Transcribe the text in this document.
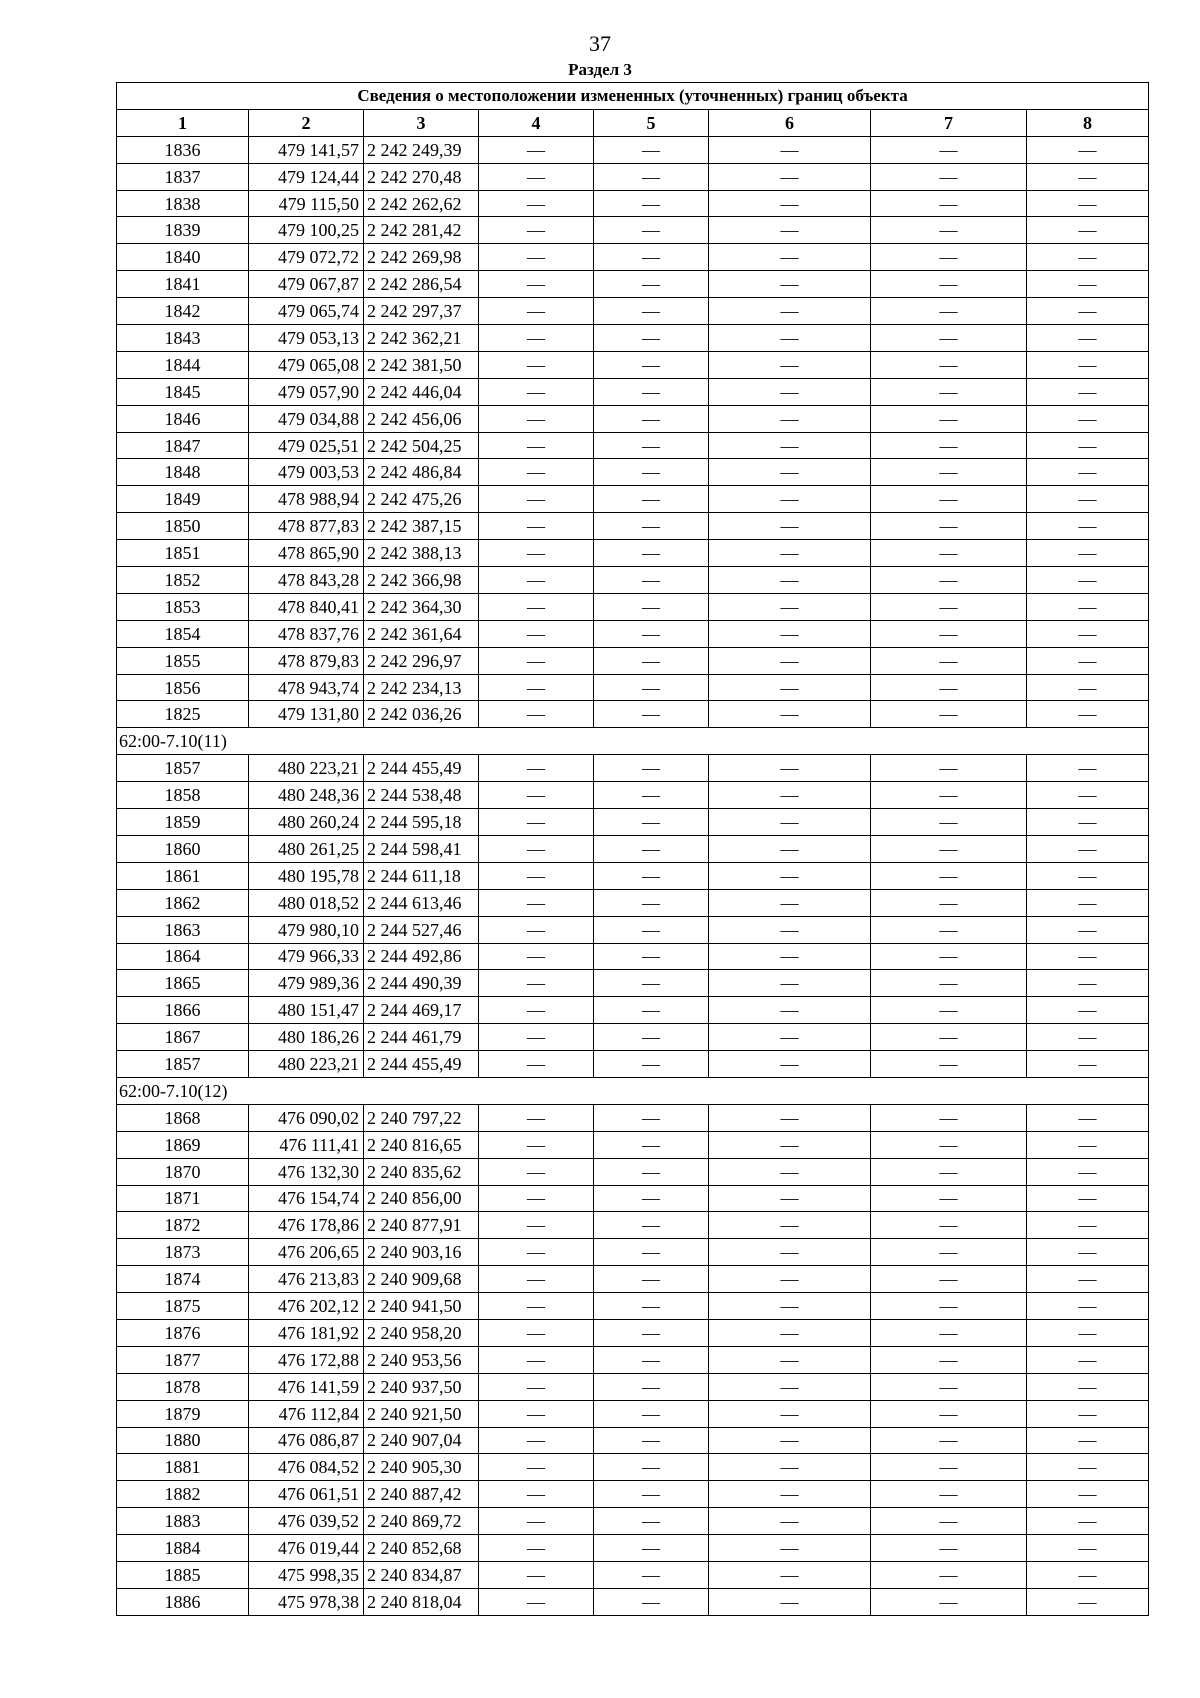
37
Раздел 3
Сведения о местоположении измененных (уточненных) границ объекта							
1	2	3	4	5	6	7	8
1836	479 141,57	2 242 249,39	—	—	—	—	—
1837	479 124,44	2 242 270,48	—	—	—	—	—
1838	479 115,50	2 242 262,62	—	—	—	—	—
1839	479 100,25	2 242 281,42	—	—	—	—	—
1840	479 072,72	2 242 269,98	—	—	—	—	—
1841	479 067,87	2 242 286,54	—	—	—	—	—
1842	479 065,74	2 242 297,37	—	—	—	—	—
1843	479 053,13	2 242 362,21	—	—	—	—	—
1844	479 065,08	2 242 381,50	—	—	—	—	—
1845	479 057,90	2 242 446,04	—	—	—	—	—
1846	479 034,88	2 242 456,06	—	—	—	—	—
1847	479 025,51	2 242 504,25	—	—	—	—	—
1848	479 003,53	2 242 486,84	—	—	—	—	—
1849	478 988,94	2 242 475,26	—	—	—	—	—
1850	478 877,83	2 242 387,15	—	—	—	—	—
1851	478 865,90	2 242 388,13	—	—	—	—	—
1852	478 843,28	2 242 366,98	—	—	—	—	—
1853	478 840,41	2 242 364,30	—	—	—	—	—
1854	478 837,76	2 242 361,64	—	—	—	—	—
1855	478 879,83	2 242 296,97	—	—	—	—	—
1856	478 943,74	2 242 234,13	—	—	—	—	—
1825	479 131,80	2 242 036,26	—	—	—	—	—
62:00-7.10(11)							
1857	480 223,21	2 244 455,49	—	—	—	—	—
1858	480 248,36	2 244 538,48	—	—	—	—	—
1859	480 260,24	2 244 595,18	—	—	—	—	—
1860	480 261,25	2 244 598,41	—	—	—	—	—
1861	480 195,78	2 244 611,18	—	—	—	—	—
1862	480 018,52	2 244 613,46	—	—	—	—	—
1863	479 980,10	2 244 527,46	—	—	—	—	—
1864	479 966,33	2 244 492,86	—	—	—	—	—
1865	479 989,36	2 244 490,39	—	—	—	—	—
1866	480 151,47	2 244 469,17	—	—	—	—	—
1867	480 186,26	2 244 461,79	—	—	—	—	—
1857	480 223,21	2 244 455,49	—	—	—	—	—
62:00-7.10(12)							
1868	476 090,02	2 240 797,22	—	—	—	—	—
1869	476 111,41	2 240 816,65	—	—	—	—	—
1870	476 132,30	2 240 835,62	—	—	—	—	—
1871	476 154,74	2 240 856,00	—	—	—	—	—
1872	476 178,86	2 240 877,91	—	—	—	—	—
1873	476 206,65	2 240 903,16	—	—	—	—	—
1874	476 213,83	2 240 909,68	—	—	—	—	—
1875	476 202,12	2 240 941,50	—	—	—	—	—
1876	476 181,92	2 240 958,20	—	—	—	—	—
1877	476 172,88	2 240 953,56	—	—	—	—	—
1878	476 141,59	2 240 937,50	—	—	—	—	—
1879	476 112,84	2 240 921,50	—	—	—	—	—
1880	476 086,87	2 240 907,04	—	—	—	—	—
1881	476 084,52	2 240 905,30	—	—	—	—	—
1882	476 061,51	2 240 887,42	—	—	—	—	—
1883	476 039,52	2 240 869,72	—	—	—	—	—
1884	476 019,44	2 240 852,68	—	—	—	—	—
1885	475 998,35	2 240 834,87	—	—	—	—	—
1886	475 978,38	2 240 818,04	—	—	—	—	—
